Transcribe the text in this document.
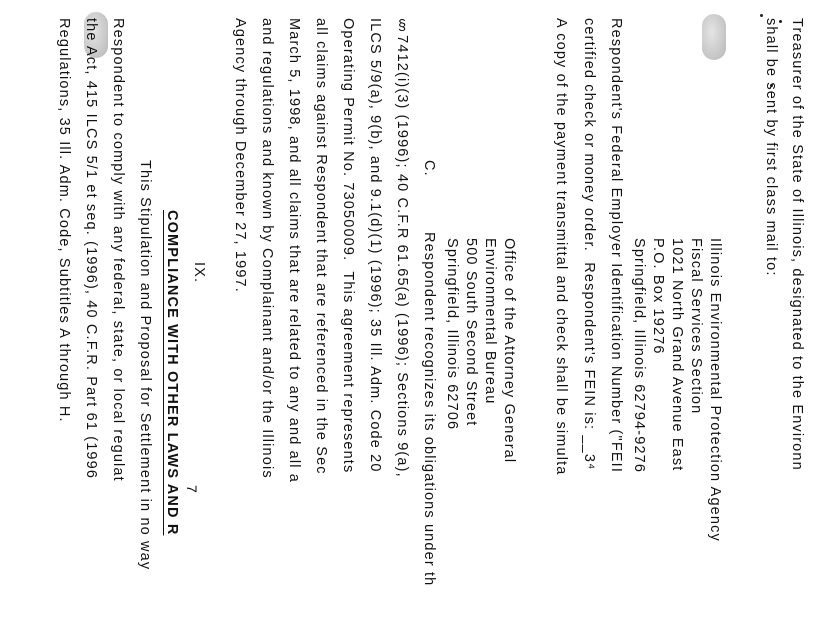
Treasurer of the State of Illinois, designated to the Environn
shall be sent by first class mail to:
Illinois Environmental Protection Agency
Fiscal Services Section
1021 North Grand Avenue East
P.O. Box 19276
Springfield, Illinois 62794-9276
Respondent's Federal Employer Identification Number ("FEII
certified check or money order.  Respondent's FEIN is: __3⁴
A copy of the payment transmittal and check shall be simulta
Office of the Attorney General
Environmental Bureau
500 South Second Street
Springfield, Illinois 62706
C.
Respondent recognizes its obligations under th
§7412(i)(3) (1996); 40 C.F.R 61.65(a) (1996); Sections 9(a),
ILCS 5/9(a), 9(b), and 9.1(d)(1) (1996); 35 Ill. Adm. Code 20
Operating Permit No. 73050009.  This agreement represents
all claims against Respondent that are referenced in the Sec
March 5, 1998, and all claims that are related to any and all a
and regulations and known by Complainant and/or the Illinois
Agency through December 27, 1997.
IX.
COMPLIANCE WITH OTHER LAWS AND R
This Stipulation and Proposal for Settlement in no way
Respondent to comply with any federal, state, or local regulat
the Act, 415 ILCS 5/1 et seq. (1996), 40 C.F.R. Part 61 (1996
Regulations, 35 Ill. Adm. Code, Subtitles A through H.
7
